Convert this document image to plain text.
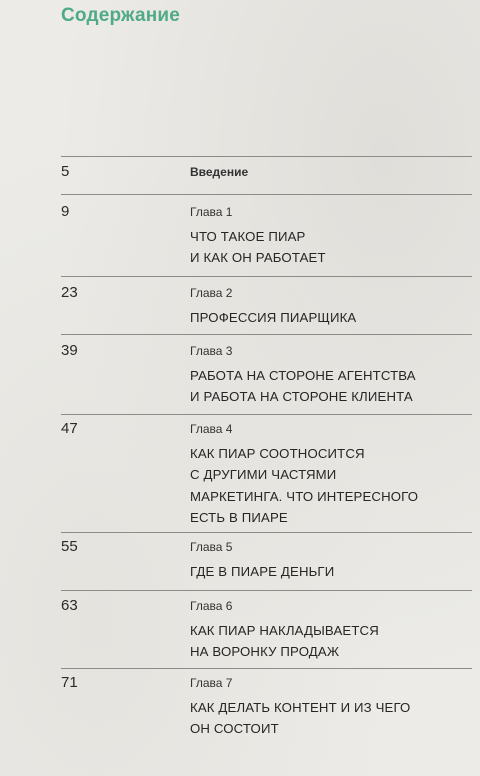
Содержание
5	Введение
9	Глава 1
ЧТО ТАКОЕ ПИАР
И КАК ОН РАБОТАЕТ
23	Глава 2
ПРОФЕССИЯ ПИАРЩИКА
39	Глава 3
РАБОТА НА СТОРОНЕ АГЕНТСТВА
И РАБОТА НА СТОРОНЕ КЛИЕНТА
47	Глава 4
КАК ПИАР СООТНОСИТСЯ
С ДРУГИМИ ЧАСТЯМИ
МАРКЕТИНГА. ЧТО ИНТЕРЕСНОГО
ЕСТЬ В ПИАРЕ
55	Глава 5
ГДЕ В ПИАРЕ ДЕНЬГИ
63	Глава 6
КАК ПИАР НАКЛАДЫВАЕТСЯ
НА ВОРОНКУ ПРОДАЖ
71	Глава 7
КАК ДЕЛАТЬ КОНТЕНТ И ИЗ ЧЕГО
ОН СОСТОИТ
